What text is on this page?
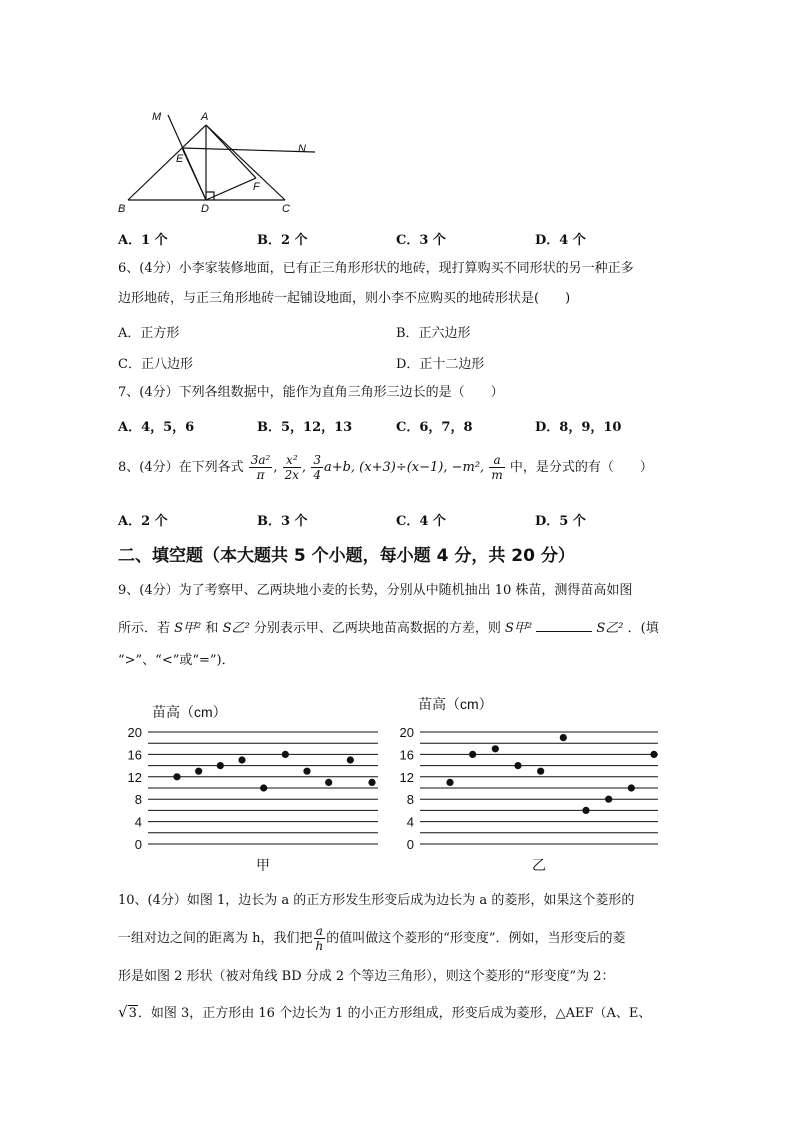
M	A
N
E
F
B	D	C
A．1 个	B．2 个	C．3 个	D．4 个
6、(4分）小李家装修地面，已有正三角形形状的地砖，现打算购买不同形状的另一种正多
边形地砖，与正三角形地砖一起铺设地面，则小李不应购买的地砖形状是(　　)
A．正方形	B．正六边形
C．正八边形	D．正十二边形
7、(4分）下列各组数据中，能作为直角三角形三边长的是（　　）
A．4，5，6	B．5，12，13	C．6，7，8	D．8，9，10
8、(4分）在下列各式 $\frac{\text{3a²}}{\pi}$ , $\frac{\text{x²}}{2x}$ , $\frac{3}{4} a+b$, (x+3)÷(x−1), −m², $\frac{a}{m}$ 中，是分式的有（　　）
A．2 个	B．3 个	C．4 个	D．5 个
二、填空题（本大题共 5 个小题，每小题 4 分，共 20 分）
9、(4分）为了考察甲、乙两块地小麦的长势，分别从中随机抽出 10 株苗，测得苗高如图
所示．若 S甲² 和 S乙² 分别表示甲、乙两块地苗高数据的方差，则 S甲²	S乙² ．(填
“>”、“<”或“=”)．
苗高（cm）
20
16
12
8
4
0
甲
苗高（cm）
20
16
12
8
4
0
乙
10、(4分）如图 1，边长为 a 的正方形发生形变后成为边长为 a 的菱形，如果这个菱形的
一组对边之间的距离为 h，我们把 $\frac{a}{h}$ 的值叫做这个菱形的“形变度”．例如，当形变后的菱
形是如图 2 形状（被对角线 BD 分成 2 个等边三角形），则这个菱形的“形变度”为 2：
√3．如图 3，正方形由 16 个边长为 1 的小正方形组成，形变后成为菱形，△AEF（A、E、
